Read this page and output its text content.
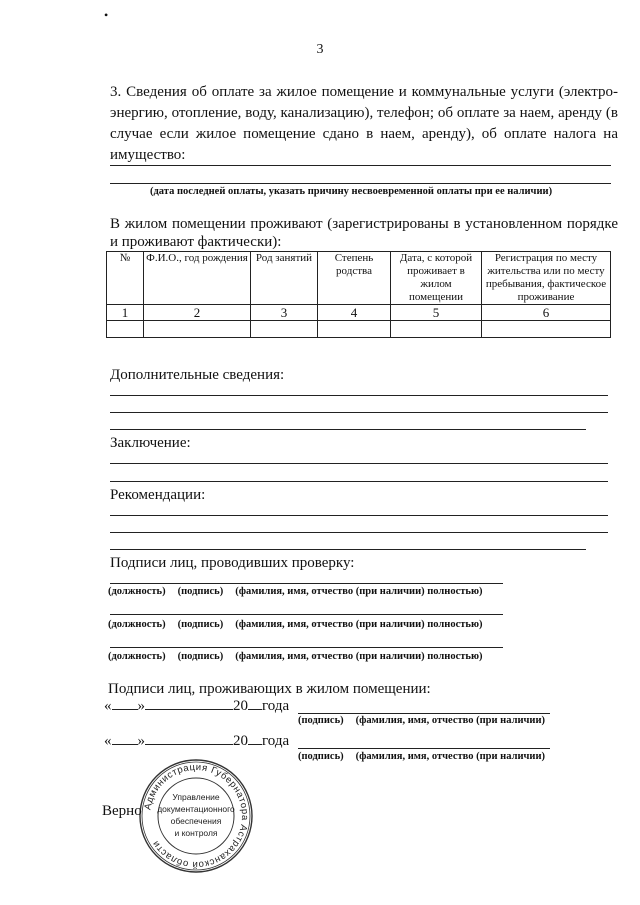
•
3
3. Сведения об оплате за жилое помещение и коммунальные услуги (электроэнергию, отопление, воду, канализацию), телефон; об оплате за наем, аренду (в случае если жилое помещение сдано в наем, аренду), об оплате налога на имущество:
(дата последней оплаты, указать причину несвоевременной оплаты при ее наличии)
В жилом помещении проживают (зарегистрированы в установленном порядке и проживают фактически):
№	Ф.И.О., год рождения	Род занятий	Степень родства	Дата, с которой проживает в жилом помещении	Регистрация по месту жительства или по месту пребывания, фактическое проживание
1	2	3	4	5	6

Дополнительные сведения:
Заключение:
Рекомендации:
Подписи лиц, проводивших проверку:
(должность) (подпись) (фамилия, имя, отчество (при наличии) полностью)
(должность) (подпись) (фамилия, имя, отчество (при наличии) полностью)
(должность) (подпись) (фамилия, имя, отчество (при наличии) полностью)
Подписи лиц, проживающих в жилом помещении:
« »	20 года
(подпись) (фамилия, имя, отчество (при наличии)
« »	20 года
(подпись) (фамилия, имя, отчество (при наличии)
Администрация Губернатора Астраханской области
Управление
документационного
обеспечения
и контроля
Верно
